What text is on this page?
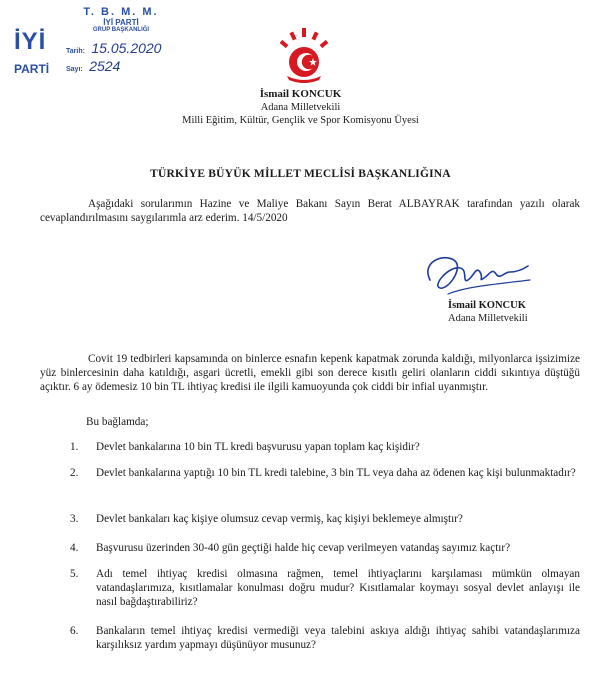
İYİ
PARTİ
T. B. M. M.
İYİ PARTİ
GRUP BAŞKANLIĞI
Tarih: 15.05.2020
Sayı: 2524
İsmail KONCUK
Adana Milletvekili
Milli Eğitim, Kültür, Gençlik ve Spor Komisyonu Üyesi
TÜRKİYE BÜYÜK MİLLET MECLİSİ BAŞKANLIĞINA
Aşağıdaki sorularımın Hazine ve Maliye Bakanı Sayın Berat ALBAYRAK tarafından yazılı olarak cevaplandırılmasını saygılarımla arz ederim. 14/5/2020
İsmail KONCUK
Adana Milletvekili
Covit 19 tedbirleri kapsamında on binlerce esnafın kepenk kapatmak zorunda kaldığı, milyonlarca işsizimize yüz binlercesinin daha katıldığı, asgari ücretli, emekli gibi son derece kısıtlı geliri olanların ciddi sıkıntıya düştüğü açıktır. 6 ay ödemesiz 10 bin TL ihtiyaç kredisi ile ilgili kamuoyunda çok ciddi bir infial uyanmıştır.
Bu bağlamda;
1.	Devlet bankalarına 10 bin TL kredi başvurusu yapan toplam kaç kişidir?
2.	Devlet bankalarına yaptığı 10 bin TL kredi talebine, 3 bin TL veya daha az ödenen kaç kişi bulunmaktadır?
3.	Devlet bankaları kaç kişiye olumsuz cevap vermiş, kaç kişiyi beklemeye almıştır?
4.	Başvurusu üzerinden 30-40 gün geçtiği halde hiç cevap verilmeyen vatandaş sayımız kaçtır?
5.	Adı temel ihtiyaç kredisi olmasına rağmen, temel ihtiyaçlarını karşılaması mümkün olmayan vatandaşlarımıza, kısıtlamalar konulması doğru mudur? Kısıtlamalar koymayı sosyal devlet anlayışı ile nasıl bağdaştırabiliriz?
6.	Bankaların temel ihtiyaç kredisi vermediği veya talebini askıya aldığı ihtiyaç sahibi vatandaşlarımıza karşılıksız yardım yapmayı düşünüyor musunuz?
